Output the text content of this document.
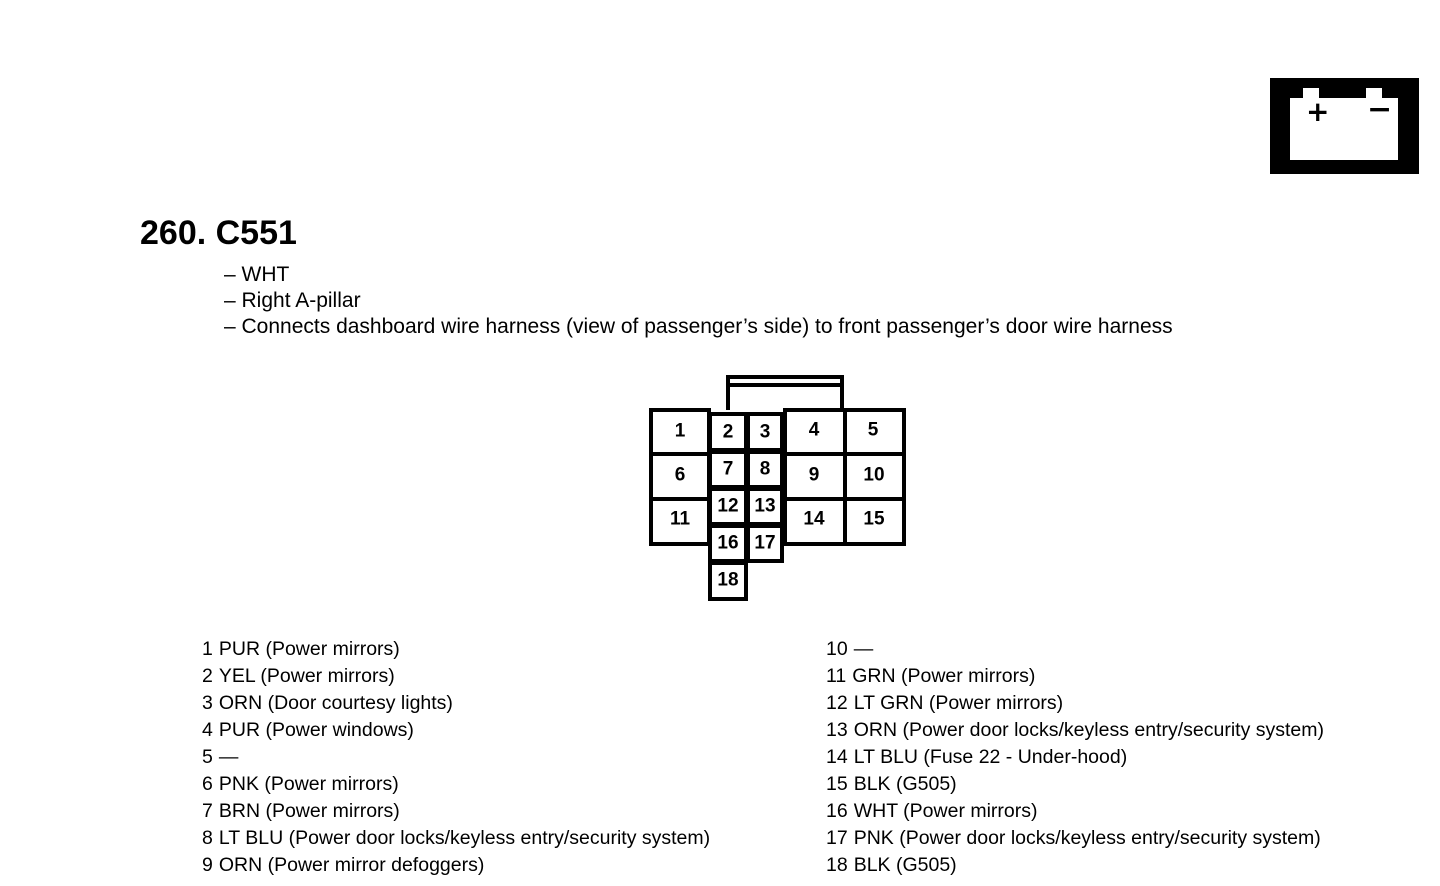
+ −
260. C551
– WHT
– Right A-pillar
– Connects dashboard wire harness (view of passenger’s side) to front passenger’s door wire harness
1 2 3 4	5
6 7 8 9 10
11
12 13
14 15
16 17
18
1 PUR (Power mirrors)
2 YEL (Power mirrors)
3 ORN (Door courtesy lights)
4 PUR (Power windows)
5 —
6 PNK (Power mirrors)
7 BRN (Power mirrors)
8 LT BLU (Power door locks/keyless entry/security system)
9 ORN (Power mirror defoggers)
10 —
11 GRN (Power mirrors)
12 LT GRN (Power mirrors)
13 ORN (Power door locks/keyless entry/security system)
14 LT BLU (Fuse 22 - Under-hood)
15 BLK (G505)
16 WHT (Power mirrors)
17 PNK (Power door locks/keyless entry/security system)
18 BLK (G505)
